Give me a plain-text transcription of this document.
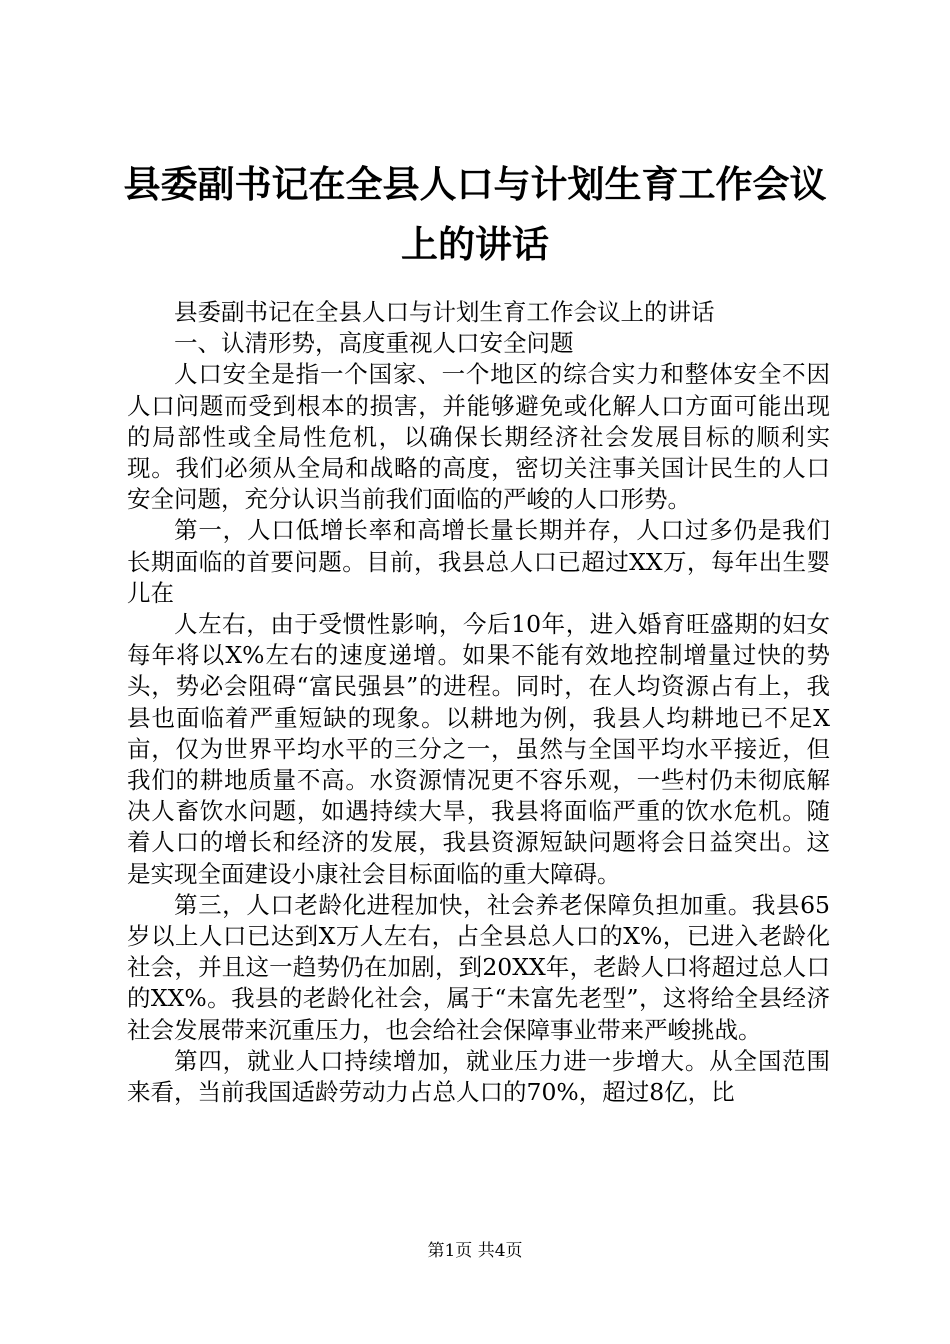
县委副书记在全县人口与计划生育工作会议上的讲话

县委副书记在全县人口与计划生育工作会议上的讲话

一、认清形势，高度重视人口安全问题

人口安全是指一个国家、一个地区的综合实力和整体安全不因人口问题而受到根本的损害，并能够避免或化解人口方面可能出现的局部性或全局性危机，以确保长期经济社会发展目标的顺利实现。我们必须从全局和战略的高度，密切关注事关国计民生的人口安全问题，充分认识当前我们面临的严峻的人口形势。

第一，人口低增长率和高增长量长期并存，人口过多仍是我们长期面临的首要问题。目前，我县总人口已超过XX万，每年出生婴儿在

人左右，由于受惯性影响，今后10年，进入婚育旺盛期的妇女每年将以X%左右的速度递增。如果不能有效地控制增量过快的势头，势必会阻碍“富民强县”的进程。同时，在人均资源占有上，我县也面临着严重短缺的现象。以耕地为例，我县人均耕地已不足X亩，仅为世界平均水平的三分之一，虽然与全国平均水平接近，但我们的耕地质量不高。水资源情况更不容乐观，一些村仍未彻底解决人畜饮水问题，如遇持续大旱，我县将面临严重的饮水危机。随着人口的增长和经济的发展，我县资源短缺问题将会日益突出。这是实现全面建设小康社会目标面临的重大障碍。

第三，人口老龄化进程加快，社会养老保障负担加重。我县65岁以上人口已达到X万人左右，占全县总人口的X%，已进入老龄化社会，并且这一趋势仍在加剧，到20XX年，老龄人口将超过总人口的XX%。我县的老龄化社会，属于“未富先老型”，这将给全县经济社会发展带来沉重压力，也会给社会保障事业带来严峻挑战。

第四，就业人口持续增加，就业压力进一步增大。从全国范围来看，当前我国适龄劳动力占总人口的70%，超过8亿，比

第1页 共4页
